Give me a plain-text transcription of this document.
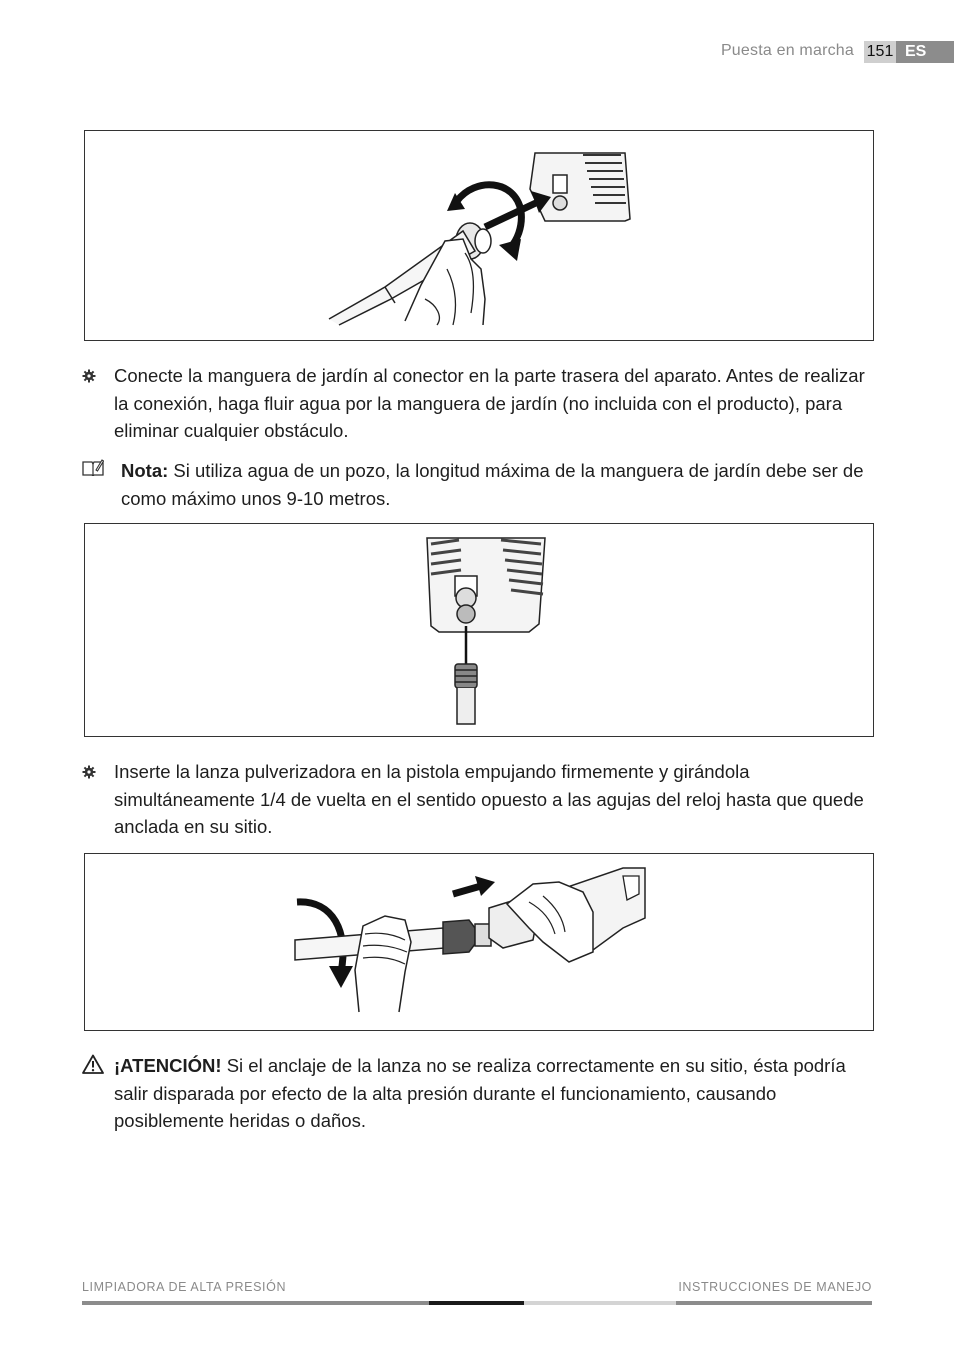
Puesta en marcha 151 ES
Conecte la manguera de jardín al conector en la parte trasera del aparato. Antes de realizar la conexión, haga fluir agua por la manguera de jardín (no incluida con el producto), para eliminar cualquier obstáculo.
Nota: Si utiliza agua de un pozo, la longitud máxima de la manguera de jardín debe ser de como máximo unos 9-10 metros.
Inserte la lanza pulverizadora en la pistola empujando firmemente y girándola simultáneamente 1/4 de vuelta en el sentido opuesto a las agujas del reloj hasta que quede anclada en su sitio.
¡ATENCIÓN! Si el anclaje de la lanza no se realiza correctamente en su sitio, ésta podría salir disparada por efecto de la alta presión durante el funcionamiento, causando posiblemente heridas o daños.
LIMPIADORA DE ALTA PRESIÓN	INSTRUCCIONES DE MANEJO
